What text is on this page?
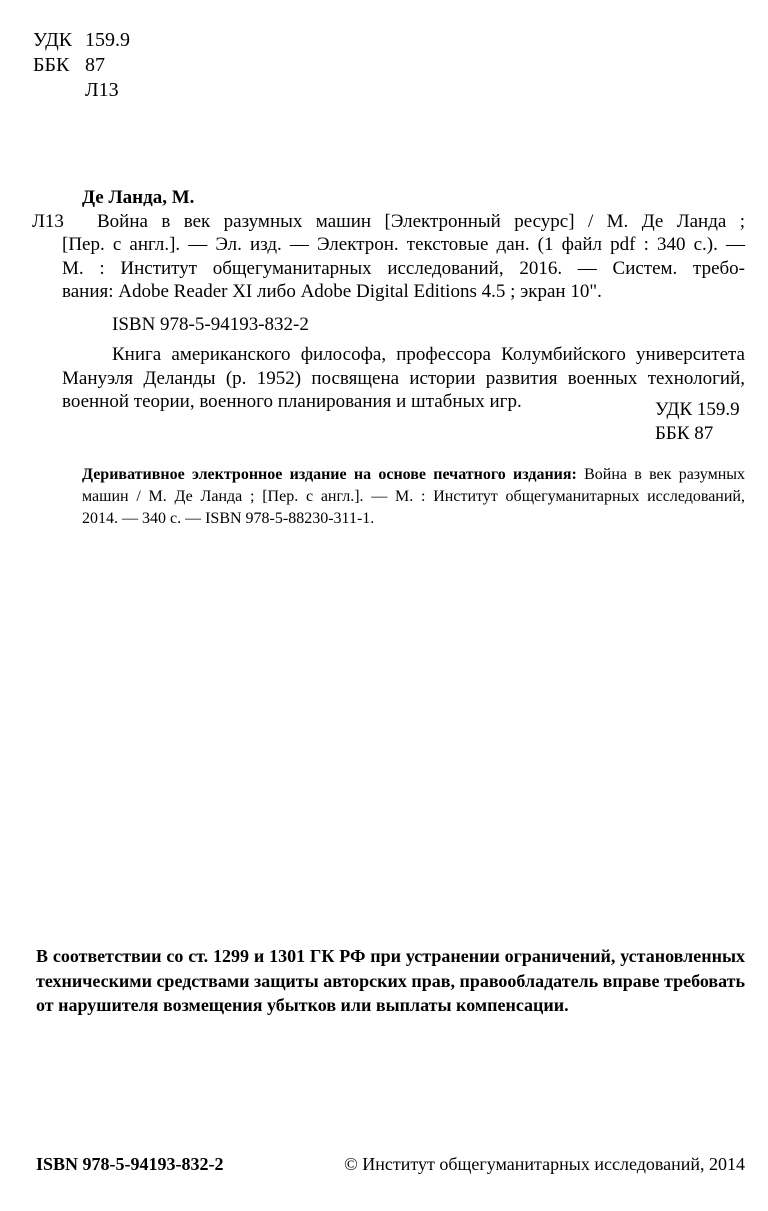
УДК 159.9
ББК 87
Л13
Де Ланда, М.
Л13	Война в век разумных машин [Электронный ресурс] / М. Де Ланда ;
[Пер. с англ.]. — Эл. изд. — Электрон. текстовые дан. (1 файл pdf : 340 с.). —
М. : Институт общегуманитарных исследований, 2016. — Систем. требо-
вания: Adobe Reader XI либо Adobe Digital Editions 4.5 ; экран 10".
ISBN 978-5-94193-832-2
Книга американского философа, профессора Колумбийского университета
Мануэля Деланды (р. 1952) посвящена истории развития военных технологий,
военной теории, военного планирования и штабных игр.	УДК 159.9
ББК 87
Деривативное электронное издание на основе печатного издания: Война в век разумных
машин / М. Де Ланда ; [Пер. с англ.]. — М. : Институт общегуманитарных исследований,
2014. — 340 с. — ISBN 978-5-88230-311-1.
В соответствии со ст. 1299 и 1301 ГК РФ при устранении ограничений, установленных
техническими средствами защиты авторских прав, правообладатель вправе требовать
от нарушителя возмещения убытков или выплаты компенсации.
ISBN 978-5-94193-832-2	© Институт общегуманитарных исследований, 2014
